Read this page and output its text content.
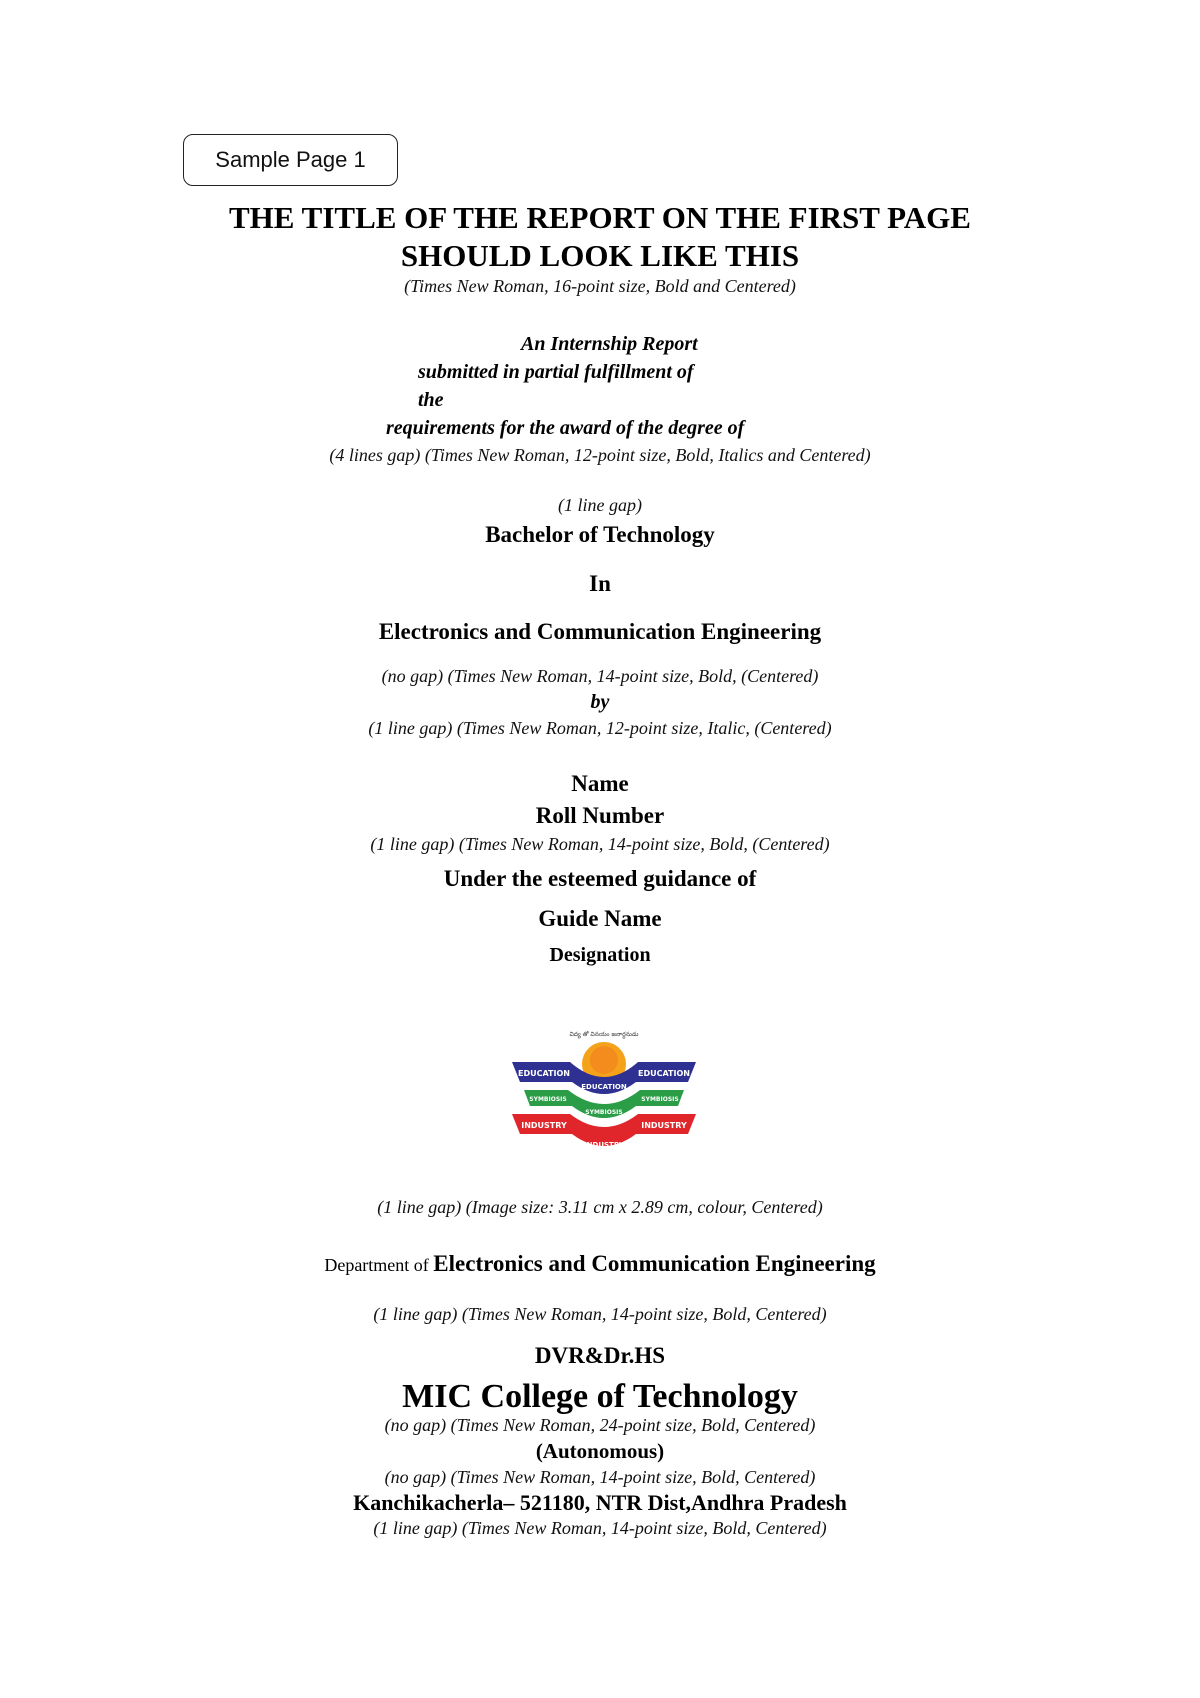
Sample Page 1
THE TITLE OF THE REPORT ON THE FIRST PAGE
SHOULD LOOK LIKE THIS
(Times New Roman, 16-point size, Bold and Centered)
An Internship Report
submitted in partial fulfillment of
the
requirements for the award of the degree of
(4 lines gap) (Times New Roman, 12-point size, Bold, Italics and Centered)
(1 line gap)
Bachelor of Technology
In
Electronics and Communication Engineering
(no gap) (Times New Roman, 14-point size, Bold, (Centered)
by
(1 line gap) (Times New Roman, 12-point size, Italic, (Centered)
Name
Roll Number
(1 line gap) (Times New Roman, 14-point size, Bold, (Centered)
Under the esteemed guidance of
Guide Name
Designation
విద్య తో వినయం జనార్ధనుడు
EDUCATION
EDUCATION
EDUCATION
SYMBIOSIS
SYMBIOSIS
SYMBIOSIS
INDUSTRY
INDUSTRY
INDUSTRY
(1 line gap) (Image size: 3.11 cm x 2.89 cm, colour, Centered)
Department of Electronics and Communication Engineering
(1 line gap) (Times New Roman, 14-point size, Bold, Centered)
DVR&Dr.HS
MIC College of Technology
(no gap) (Times New Roman, 24-point size, Bold, Centered)
(Autonomous)
(no gap) (Times New Roman, 14-point size, Bold, Centered)
Kanchikacherla– 521180, NTR Dist,Andhra Pradesh
(1 line gap) (Times New Roman, 14-point size, Bold, Centered)
